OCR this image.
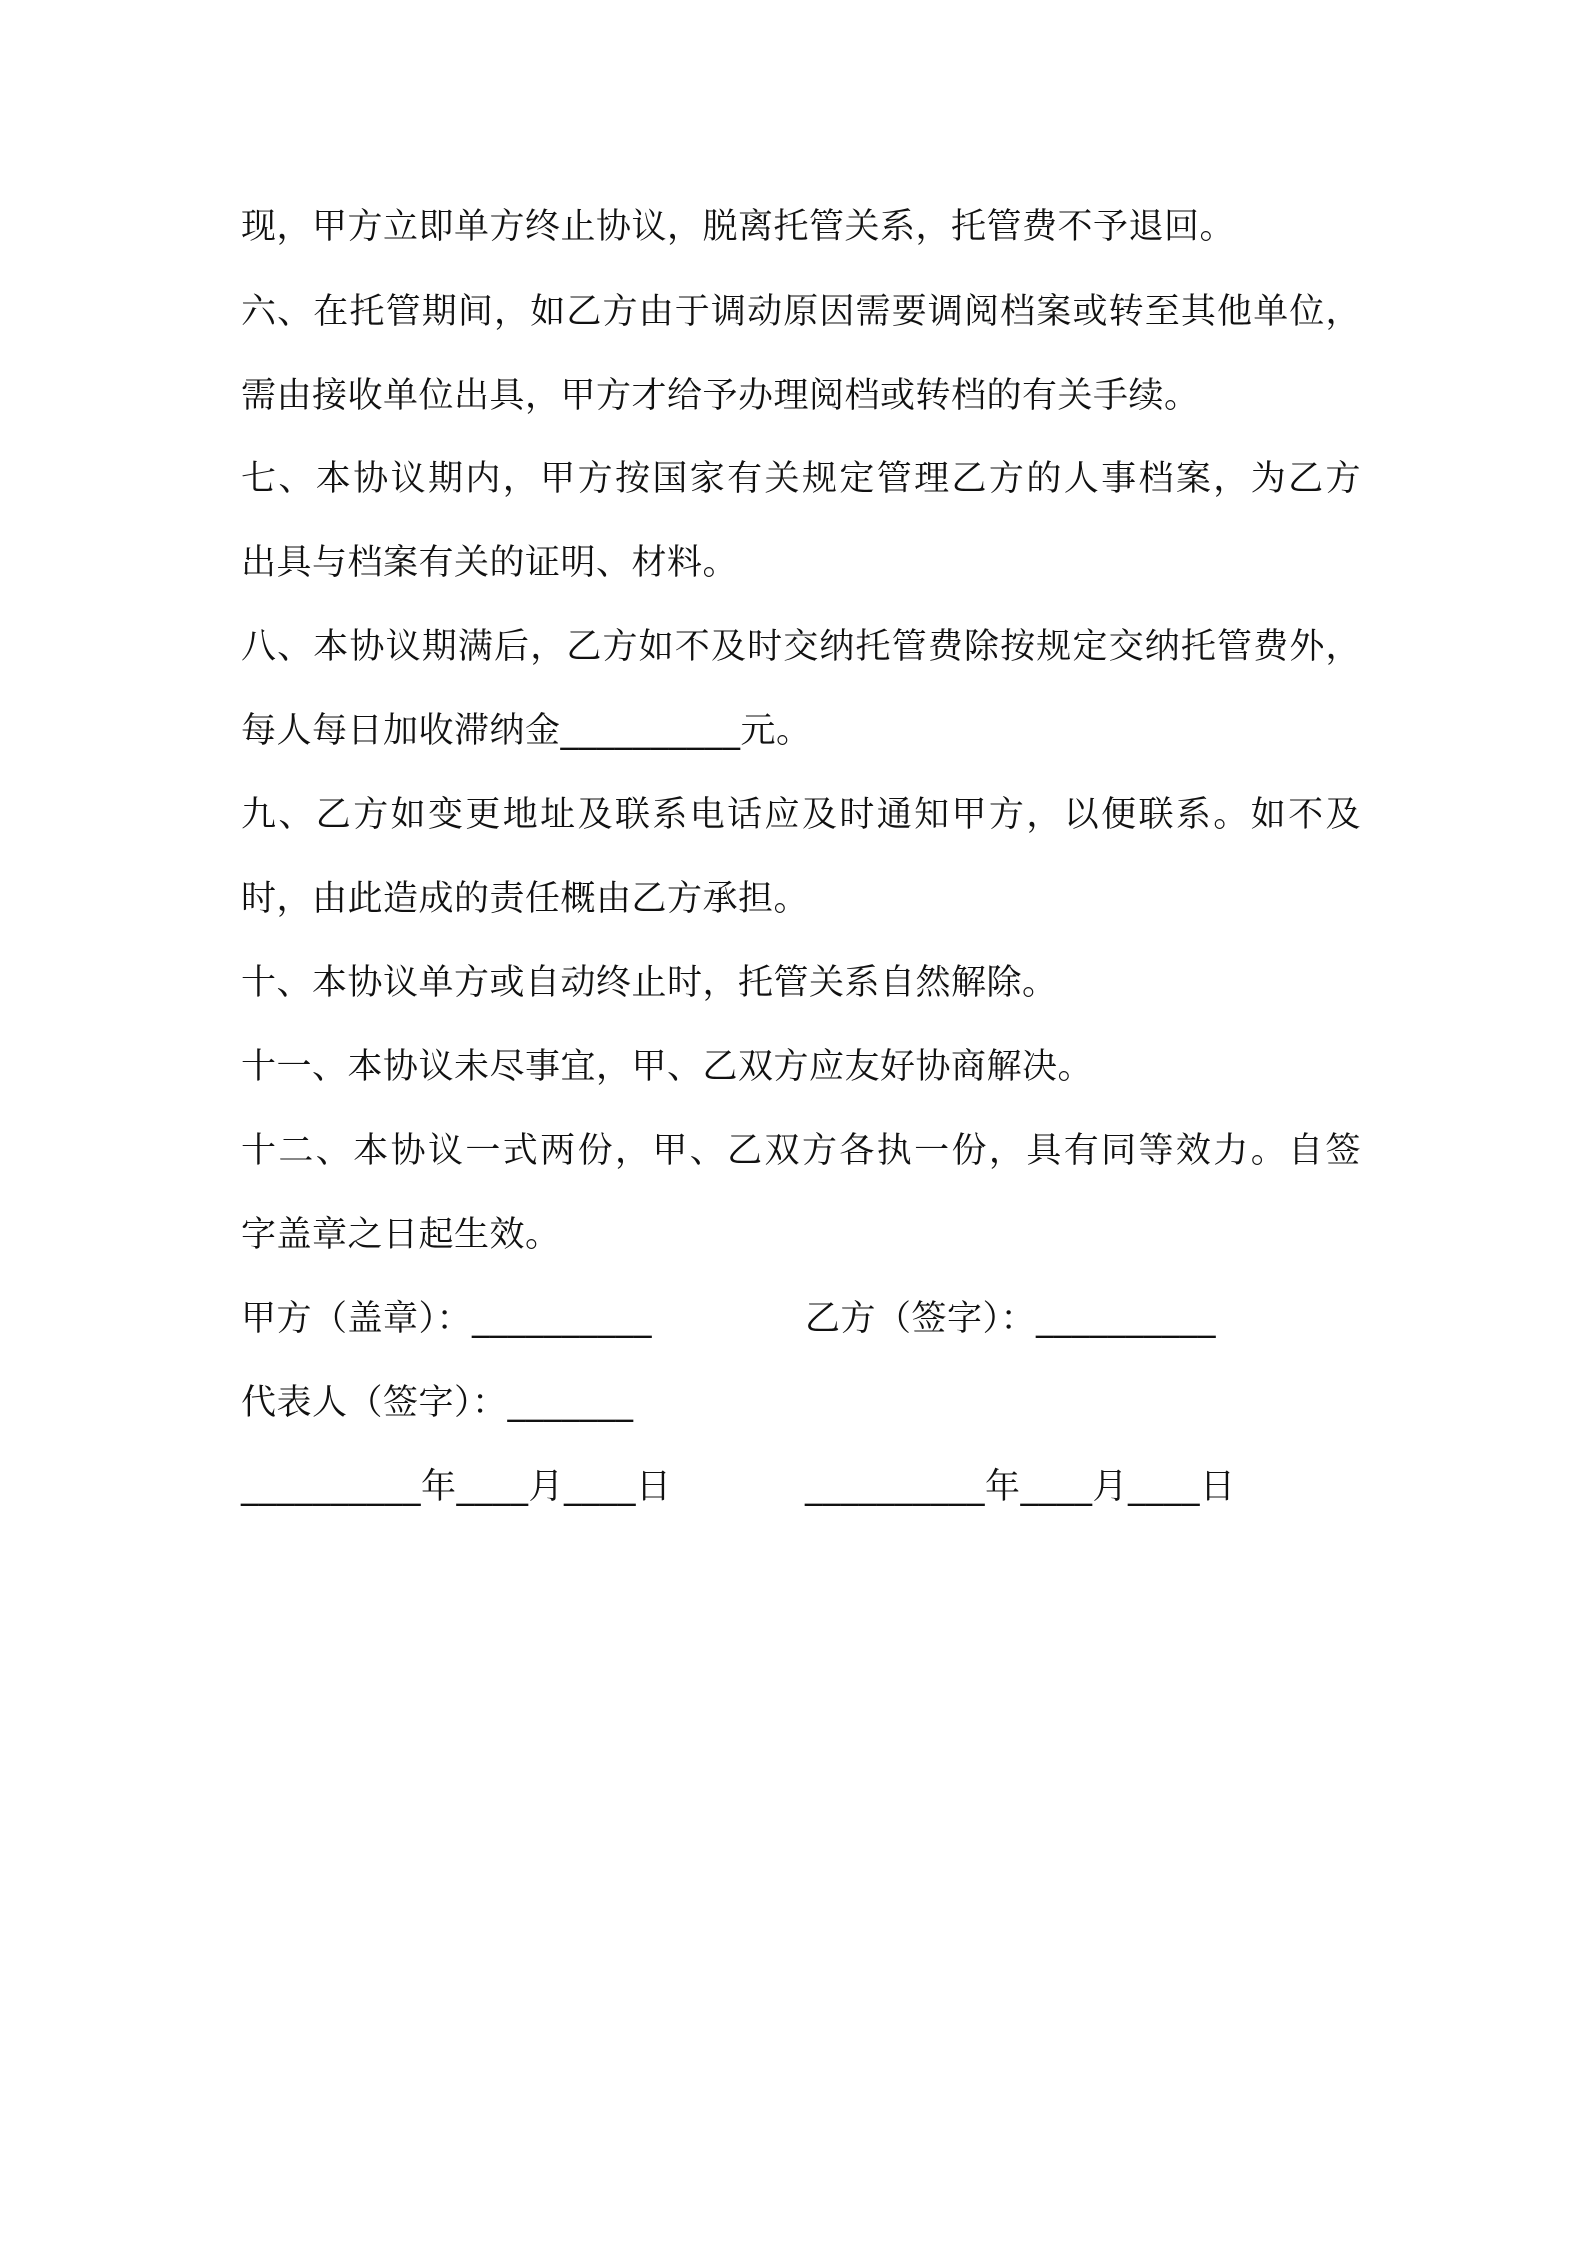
现，甲方立即单方终止协议，脱离托管关系，托管费不予退回。
六、在托管期间，如乙方由于调动原因需要调阅档案或转至其他单位，
需由接收单位出具，甲方才给予办理阅档或转档的有关手续。
七、本协议期内，甲方按国家有关规定管理乙方的人事档案，为乙方
出具与档案有关的证明、材料。
八、本协议期满后，乙方如不及时交纳托管费除按规定交纳托管费外，
每人每日加收滞纳金__________元。
九、乙方如变更地址及联系电话应及时通知甲方，以便联系。如不及
时，由此造成的责任概由乙方承担。
十、本协议单方或自动终止时，托管关系自然解除。
十一、本协议未尽事宜，甲、乙双方应友好协商解决。
十二、本协议一式两份，甲、乙双方各执一份，具有同等效力。自签
字盖章之日起生效。
甲方（盖章）：__________	乙方（签字）：__________
代表人（签字）：_______
__________年____月____日	__________年____月____日
